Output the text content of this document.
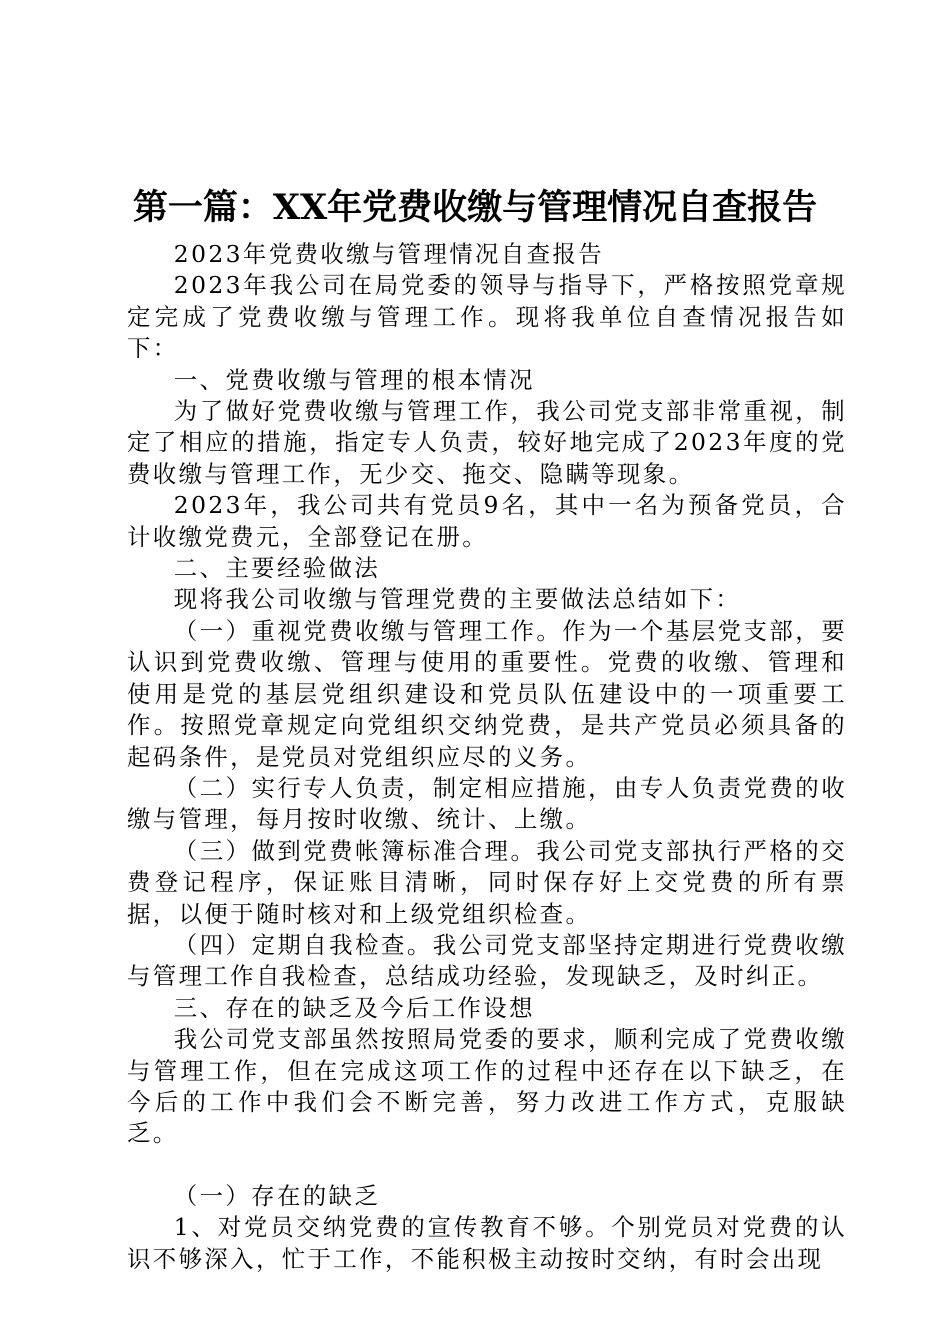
第一篇：XX年党费收缴与管理情况自查报告

2023年党费收缴与管理情况自查报告

2023年我公司在局党委的领导与指导下，严格按照党章规定完成了党费收缴与管理工作。现将我单位自查情况报告如下：

一、党费收缴与管理的根本情况

为了做好党费收缴与管理工作，我公司党支部非常重视，制定了相应的措施，指定专人负责，较好地完成了2023年度的党费收缴与管理工作，无少交、拖交、隐瞒等现象。

2023年，我公司共有党员9名，其中一名为预备党员，合计收缴党费元，全部登记在册。

二、主要经验做法

现将我公司收缴与管理党费的主要做法总结如下：

（一）重视党费收缴与管理工作。作为一个基层党支部，要认识到党费收缴、管理与使用的重要性。党费的收缴、管理和使用是党的基层党组织建设和党员队伍建设中的一项重要工作。按照党章规定向党组织交纳党费，是共产党员必须具备的起码条件，是党员对党组织应尽的义务。

（二）实行专人负责，制定相应措施，由专人负责党费的收缴与管理，每月按时收缴、统计、上缴。

（三）做到党费帐簿标准合理。我公司党支部执行严格的交费登记程序，保证账目清晰，同时保存好上交党费的所有票据，以便于随时核对和上级党组织检查。

（四）定期自我检查。我公司党支部坚持定期进行党费收缴与管理工作自我检查，总结成功经验，发现缺乏，及时纠正。

三、存在的缺乏及今后工作设想

我公司党支部虽然按照局党委的要求，顺利完成了党费收缴与管理工作，但在完成这项工作的过程中还存在以下缺乏，在今后的工作中我们会不断完善，努力改进工作方式，克服缺乏。

（一）存在的缺乏

1、对党员交纳党费的宣传教育不够。个别党员对党费的认识不够深入，忙于工作，不能积极主动按时交纳，有时会出现
